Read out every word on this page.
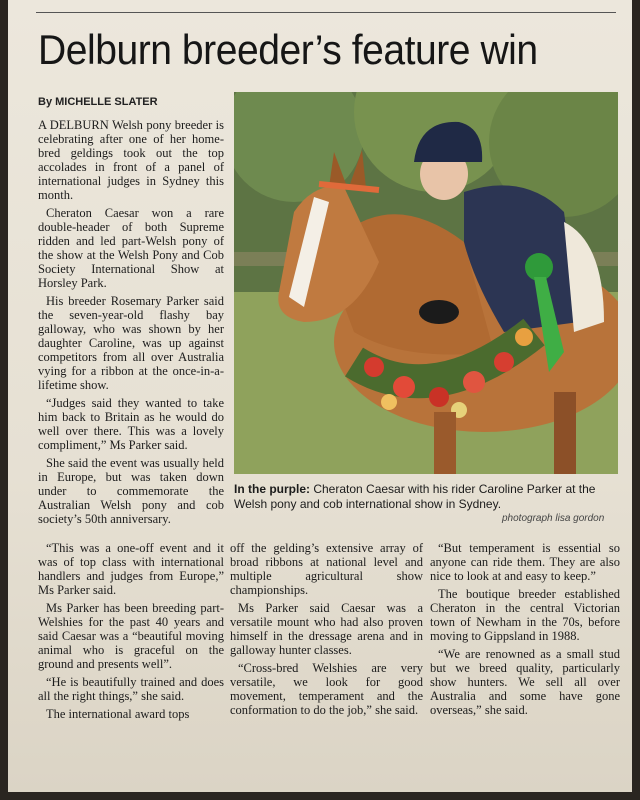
Delburn breeder’s feature win
By MICHELLE SLATER

A DELBURN Welsh pony breeder is celebrating after one of her home-bred geldings took out the top accolades in front of a panel of international judges in Sydney this month.

Cheraton Caesar won a rare double-header of both Supreme ridden and led part-Welsh pony of the show at the Welsh Pony and Cob Society International Show at Horsley Park.

His breeder Rosemary Parker said the seven-year-old flashy bay galloway, who was shown by her daughter Caroline, was up against competitors from all over Australia vying for a ribbon at the once-in-a-lifetime show.

“Judges said they wanted to take him back to Britain as he would do well over there. This was a lovely compliment,” Ms Parker said.

She said the event was usually held in Europe, but was taken down under to commemorate the Australian Welsh pony and cob society’s 50th anniversary.

In the purple: Cheraton Caesar with his rider Caroline Parker at the Welsh pony and cob international show in Sydney.
photograph lisa gordon

“This was a one-off event and it was of top class with international handlers and judges from Europe,” Ms Parker said.

Ms Parker has been breeding part-Welshies for the past 40 years and said Caesar was a “beautiful moving animal who is graceful on the ground and presents well”.

“He is beautifully trained and does all the right things,” she said.

The international award tops

off the gelding’s extensive array of broad ribbons at national level and multiple agricultural show championships.

Ms Parker said Caesar was a versatile mount who had also proven himself in the dressage arena and in galloway hunter classes.

“Cross-bred Welshies are very versatile, we look for good movement, temperament and the conformation to do the job,” she said.

“But temperament is essential so anyone can ride them. They are also nice to look at and easy to keep.”

The boutique breeder established Cheraton in the central Victorian town of Newham in the 70s, before moving to Gippsland in 1988.

“We are renowned as a small stud but we breed quality, particularly show hunters. We sell all over Australia and some have gone overseas,” she said.
